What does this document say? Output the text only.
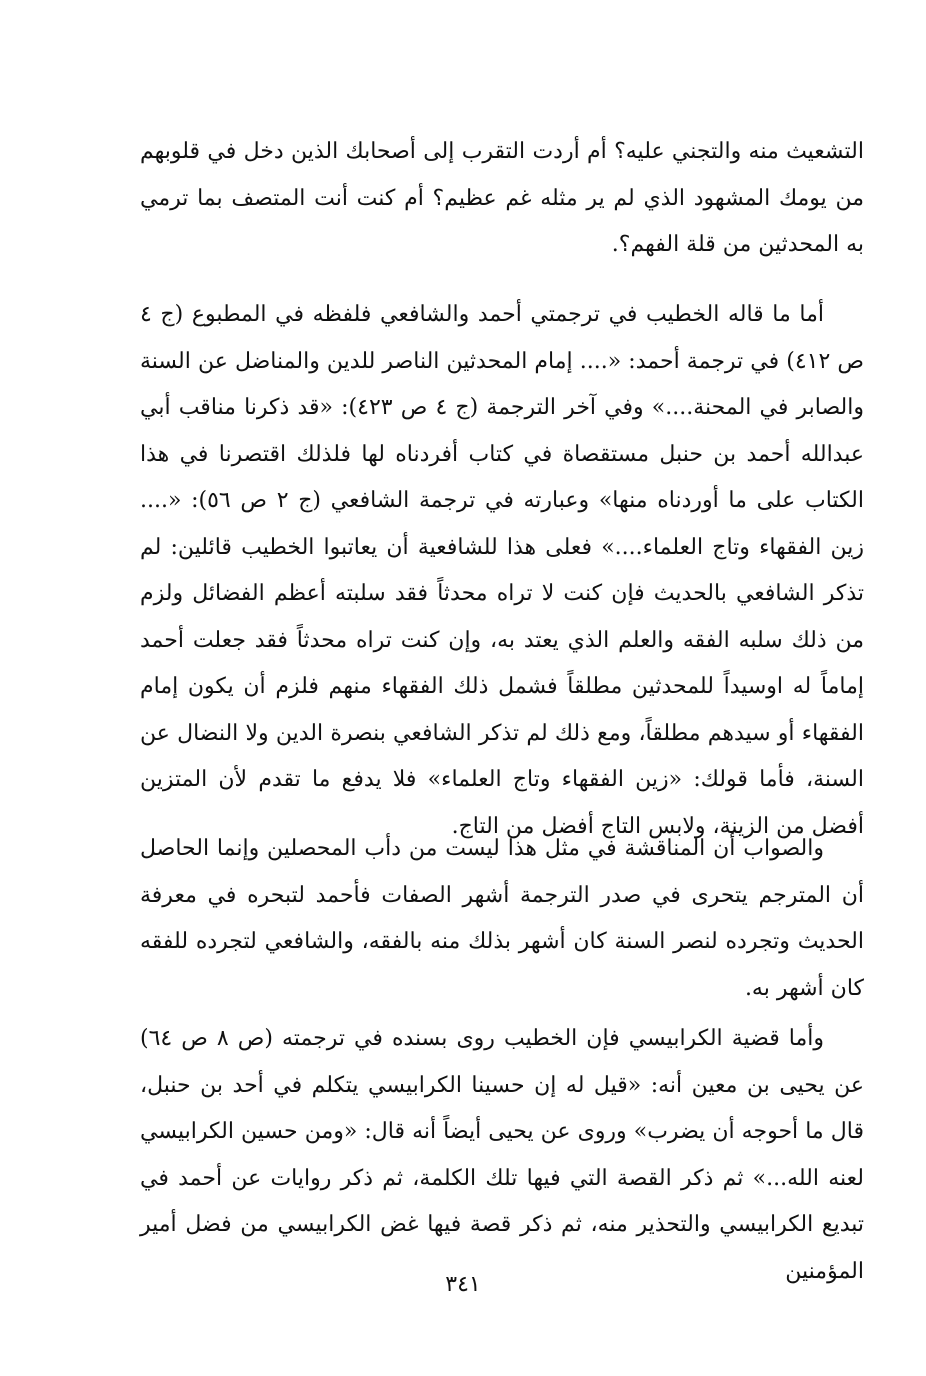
التشعيث منه والتجني عليه؟ أم أردت التقرب إلى أصحابك الذين دخل في قلوبهم من يومك المشهود الذي لم ير مثله غم عظيم؟ أم كنت أنت المتصف بما ترمي به المحدثين من قلة الفهم؟.

أما ما قاله الخطيب في ترجمتي أحمد والشافعي فلفظه في المطبوع (ج ٤ ص ٤١٢) في ترجمة أحمد: «.... إمام المحدثين الناصر للدين والمناضل عن السنة والصابر في المحنة....» وفي آخر الترجمة (ج ٤ ص ٤٢٣): «قد ذكرنا مناقب أبي عبدالله أحمد بن حنبل مستقصاة في كتاب أفردناه لها فلذلك اقتصرنا في هذا الكتاب على ما أوردناه منها» وعبارته في ترجمة الشافعي (ج ٢ ص ٥٦): «.... زين الفقهاء وتاج العلماء....» فعلى هذا للشافعية أن يعاتبوا الخطيب قائلين: لم تذكر الشافعي بالحديث فإن كنت لا تراه محدثاً فقد سلبته أعظم الفضائل ولزم من ذلك سلبه الفقه والعلم الذي يعتد به، وإن كنت تراه محدثاً فقد جعلت أحمد إماماً له اوسيداً للمحدثين مطلقاً فشمل ذلك الفقهاء منهم فلزم أن يكون إمام الفقهاء أو سيدهم مطلقاً، ومع ذلك لم تذكر الشافعي بنصرة الدين ولا النضال عن السنة، فأما قولك: «زين الفقهاء وتاج العلماء» فلا يدفع ما تقدم لأن المتزين أفضل من الزينة، ولابس التاج أفضل من التاج.

والصواب أن المناقشة في مثل هذا ليست من دأب المحصلين وإنما الحاصل أن المترجم يتحرى في صدر الترجمة أشهر الصفات فأحمد لتبحره في معرفة الحديث وتجرده لنصر السنة كان أشهر بذلك منه بالفقه، والشافعي لتجرده للفقه كان أشهر به.

وأما قضية الكرابيسي فإن الخطيب روى بسنده في ترجمته (ص ٨ ص ٦٤) عن يحيى بن معين أنه: «قيل له إن حسينا الكرابيسي يتكلم في أحد بن حنبل، قال ما أحوجه أن يضرب» وروى عن يحيى أيضاً أنه قال: «ومن حسين الكرابيسي لعنه الله...» ثم ذكر القصة التي فيها تلك الكلمة، ثم ذكر روايات عن أحمد في تبديع الكرابيسي والتحذير منه، ثم ذكر قصة فيها غض الكرابيسي من فضل أمير المؤمنين

٣٤١
